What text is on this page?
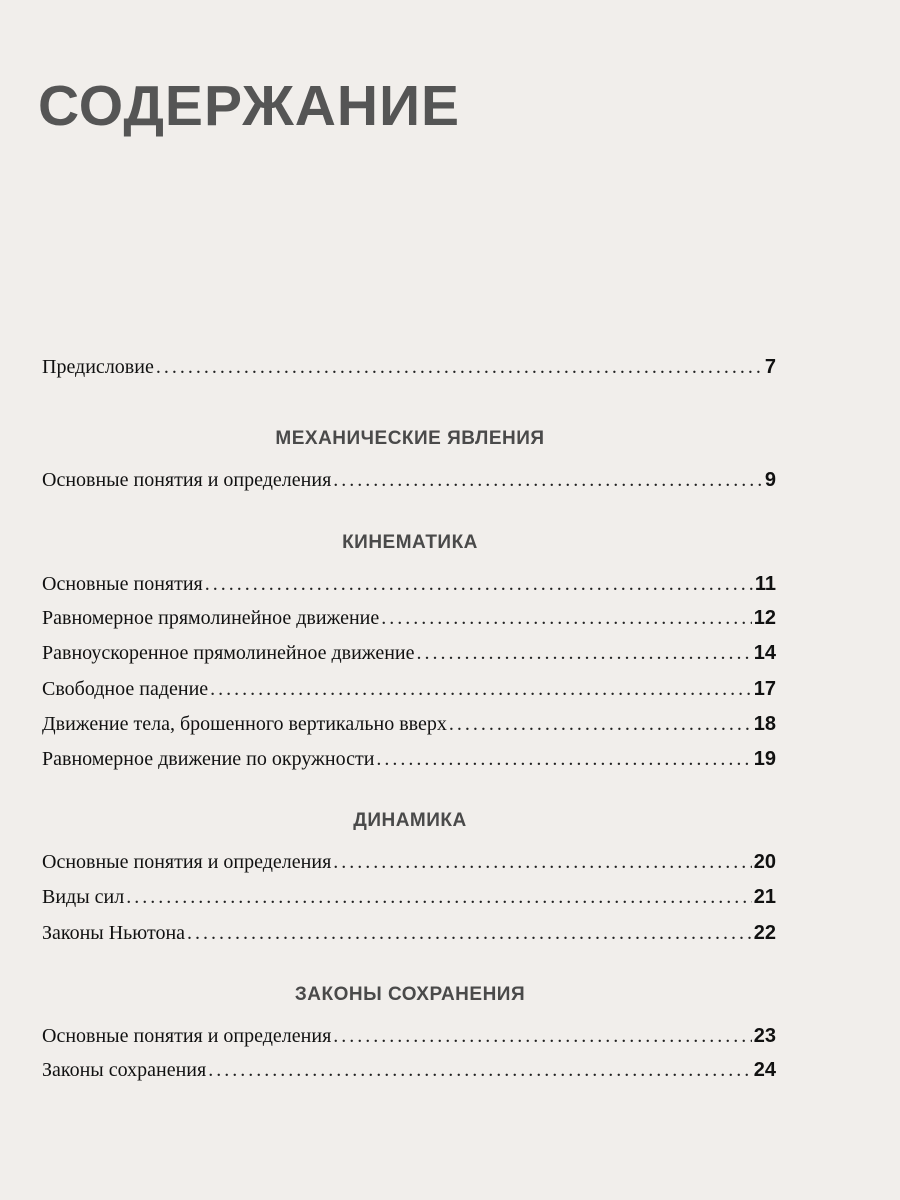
СОДЕРЖАНИЕ
Предисловие . . .	7
МЕХАНИЧЕСКИЕ ЯВЛЕНИЯ
Основные понятия и определения . . .	9
КИНЕМАТИКА
Основные понятия . . .	11
Равномерное прямолинейное движение . . .	12
Равноускоренное прямолинейное движение . . .	14
Свободное падение . . .	17
Движение тела, брошенного вертикально вверх . . .	18
Равномерное движение по окружности . . .	19
ДИНАМИКА
Основные понятия и определения . . .	20
Виды сил . . .	21
Законы Ньютона . . .	22
ЗАКОНЫ СОХРАНЕНИЯ
Основные понятия и определения . . .	23
Законы сохранения . . .	24
